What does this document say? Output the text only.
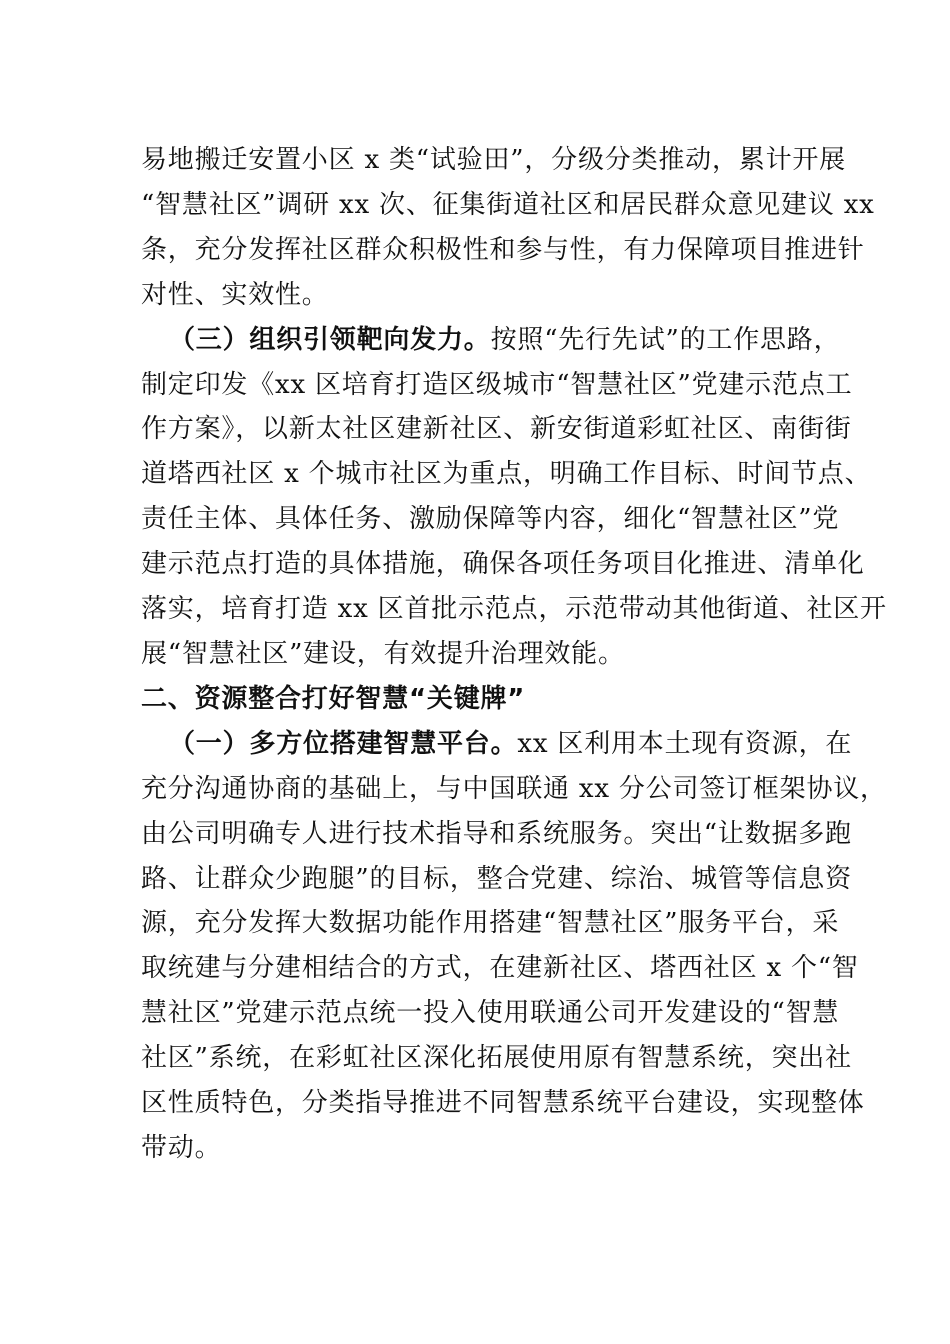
易地搬迁安置小区 x 类“试验田”，分级分类推动，累计开展
“智慧社区”调研 xx 次、征集街道社区和居民群众意见建议 xx
条，充分发挥社区群众积极性和参与性，有力保障项目推进针
对性、实效性。

（三）组织引领靶向发力。按照“先行先试”的工作思路，
制定印发《xx 区培育打造区级城市“智慧社区”党建示范点工
作方案》，以新太社区建新社区、新安街道彩虹社区、南街街
道塔西社区 x 个城市社区为重点，明确工作目标、时间节点、
责任主体、具体任务、激励保障等内容，细化“智慧社区”党
建示范点打造的具体措施，确保各项任务项目化推进、清单化
落实，培育打造 xx 区首批示范点，示范带动其他街道、社区开
展“智慧社区”建设，有效提升治理效能。

二、资源整合打好智慧“关键牌”

（一）多方位搭建智慧平台。xx 区利用本土现有资源，在
充分沟通协商的基础上，与中国联通 xx 分公司签订框架协议，
由公司明确专人进行技术指导和系统服务。突出“让数据多跑
路、让群众少跑腿”的目标，整合党建、综治、城管等信息资
源，充分发挥大数据功能作用搭建“智慧社区”服务平台，采
取统建与分建相结合的方式，在建新社区、塔西社区 x 个“智
慧社区”党建示范点统一投入使用联通公司开发建设的“智慧
社区”系统，在彩虹社区深化拓展使用原有智慧系统，突出社
区性质特色，分类指导推进不同智慧系统平台建设，实现整体
带动。
